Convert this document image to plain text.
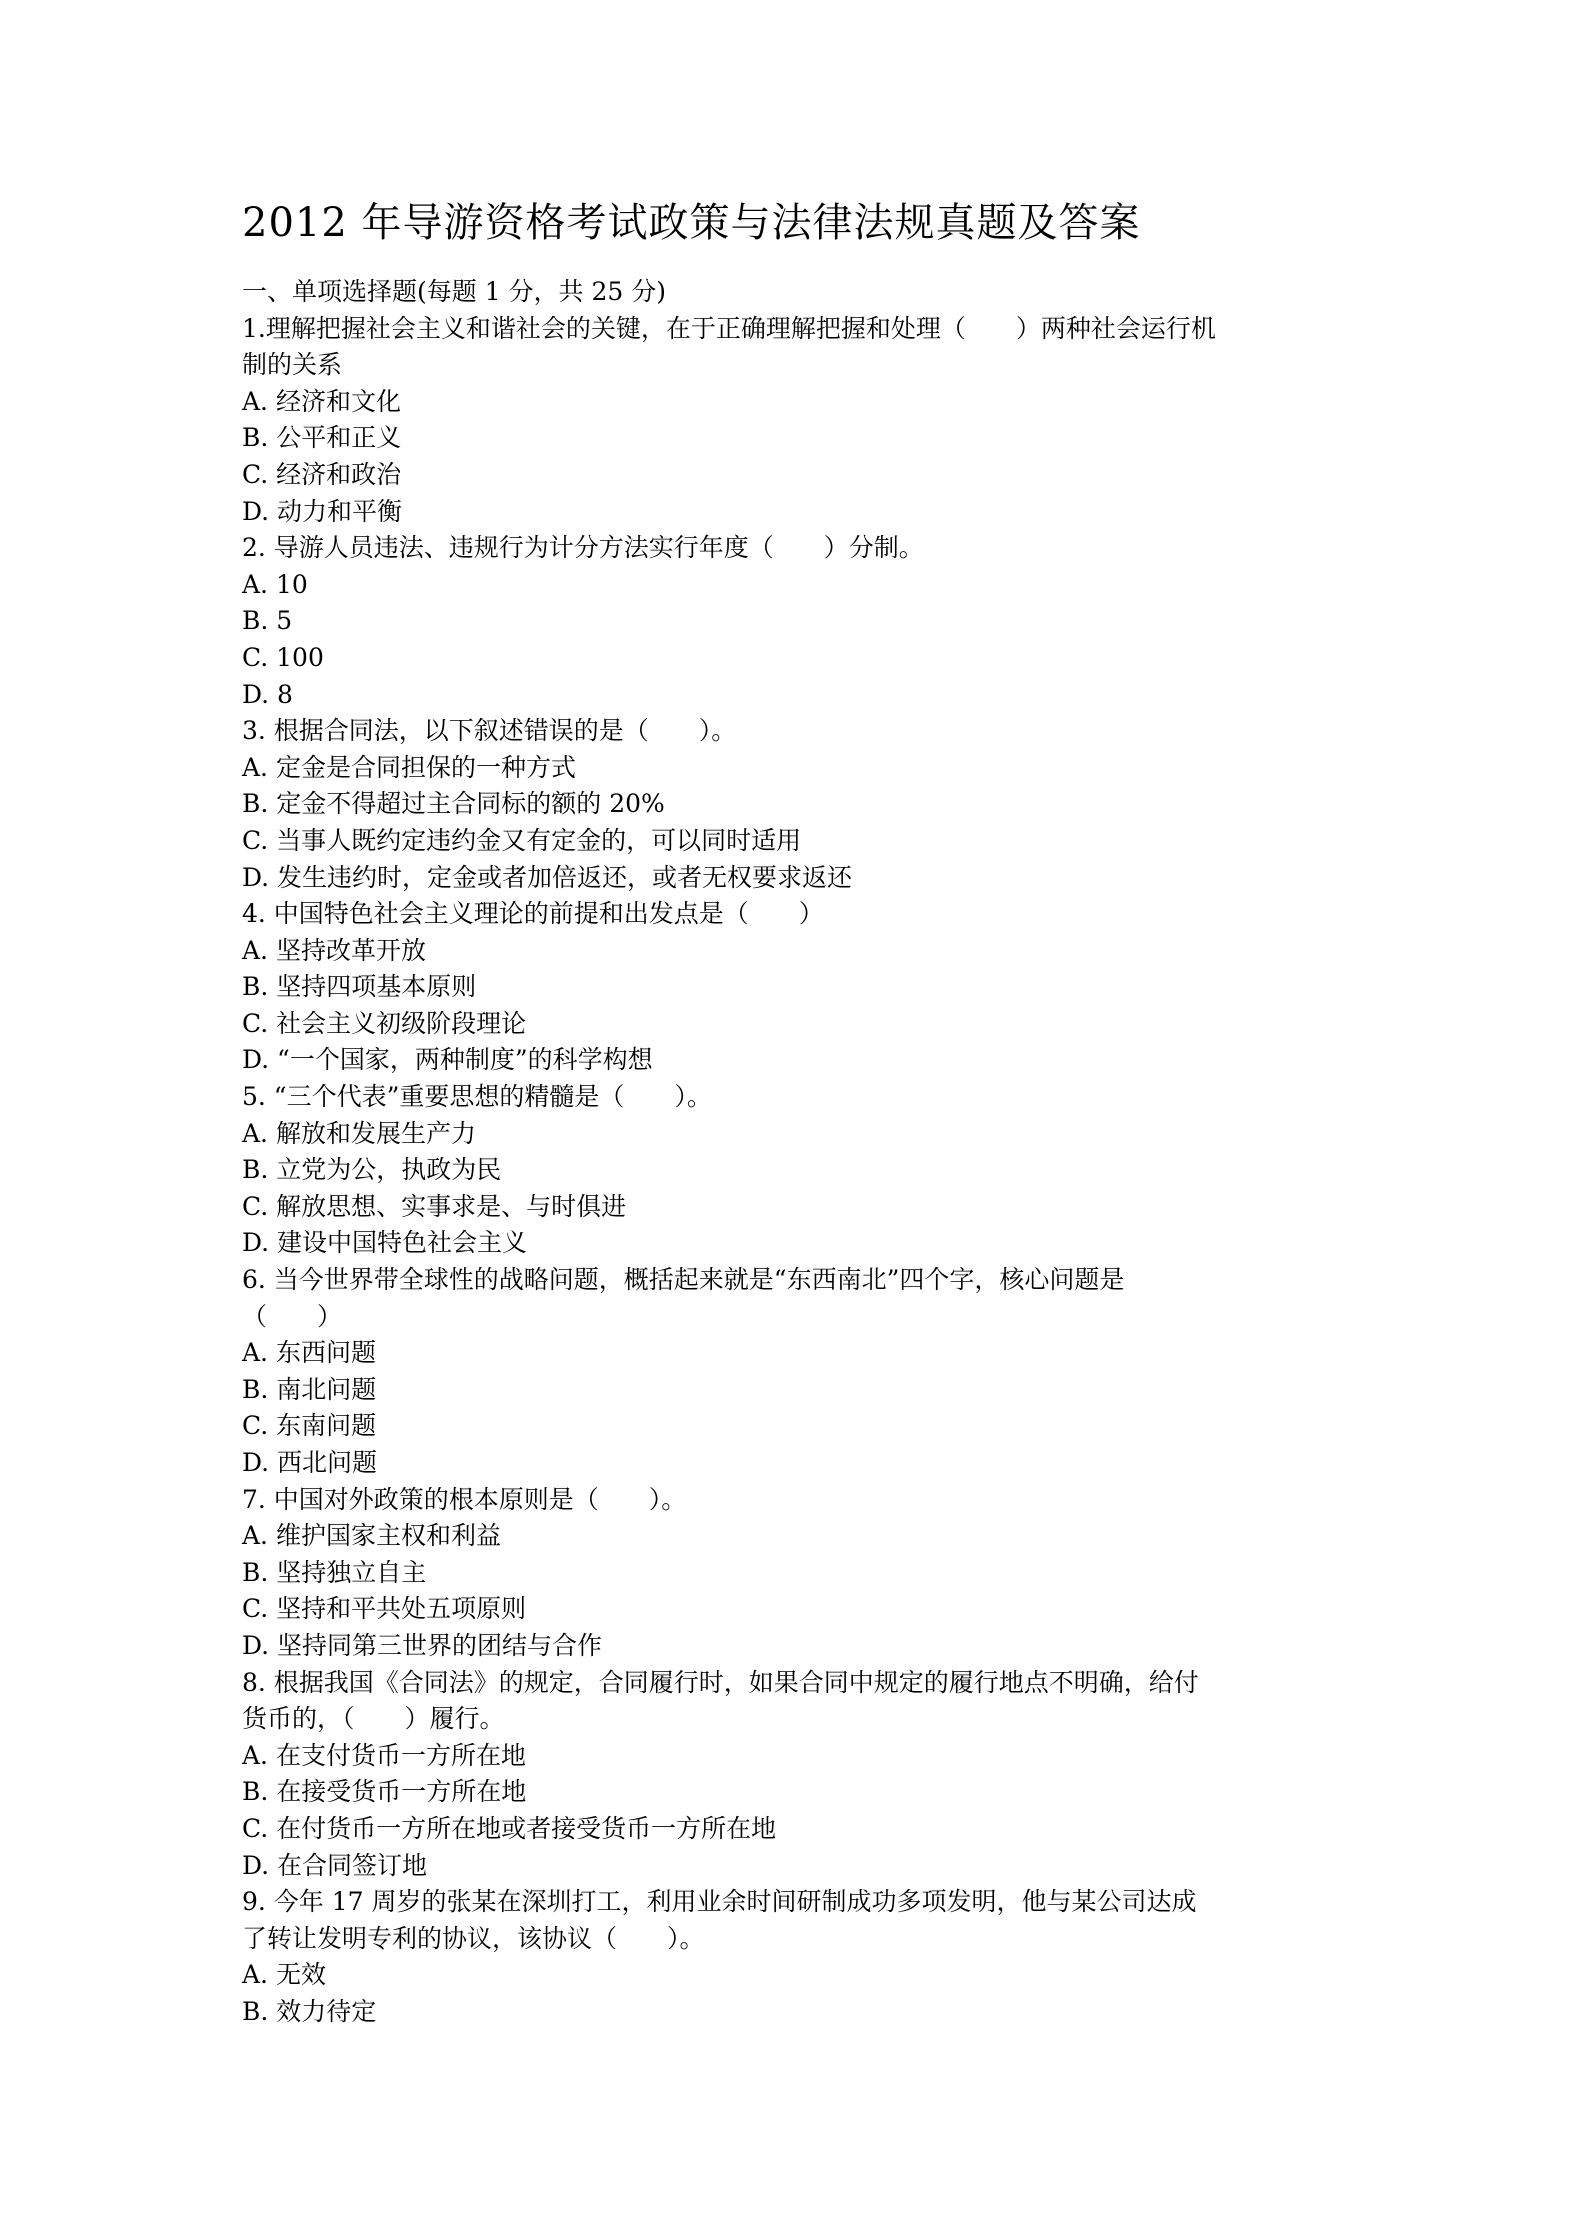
2012 年导游资格考试政策与法律法规真题及答案
一、单项选择题(每题 1 分，共 25 分)
1.理解把握社会主义和谐社会的关键，在于正确理解把握和处理（　　）两种社会运行机
制的关系
A. 经济和文化
B. 公平和正义
C. 经济和政治
D. 动力和平衡
2. 导游人员违法、违规行为计分方法实行年度（　　）分制。
A. 10
B. 5
C. 100
D. 8
3. 根据合同法，以下叙述错误的是（　　）。
A. 定金是合同担保的一种方式
B. 定金不得超过主合同标的额的 20%
C. 当事人既约定违约金又有定金的，可以同时适用
D. 发生违约时，定金或者加倍返还，或者无权要求返还
4. 中国特色社会主义理论的前提和出发点是（　　）
A. 坚持改革开放
B. 坚持四项基本原则
C. 社会主义初级阶段理论
D. “一个国家，两种制度”的科学构想
5. “三个代表”重要思想的精髓是（　　）。
A. 解放和发展生产力
B. 立党为公，执政为民
C. 解放思想、实事求是、与时俱进
D. 建设中国特色社会主义
6. 当今世界带全球性的战略问题，概括起来就是“东西南北”四个字，核心问题是
（　　）
A. 东西问题
B. 南北问题
C. 东南问题
D. 西北问题
7. 中国对外政策的根本原则是（　　）。
A. 维护国家主权和利益
B. 坚持独立自主
C. 坚持和平共处五项原则
D. 坚持同第三世界的团结与合作
8. 根据我国《合同法》的规定，合同履行时，如果合同中规定的履行地点不明确，给付
货币的，（　　）履行。
A. 在支付货币一方所在地
B. 在接受货币一方所在地
C. 在付货币一方所在地或者接受货币一方所在地
D. 在合同签订地
9. 今年 17 周岁的张某在深圳打工，利用业余时间研制成功多项发明，他与某公司达成
了转让发明专利的协议，该协议（　　）。
A. 无效
B. 效力待定
